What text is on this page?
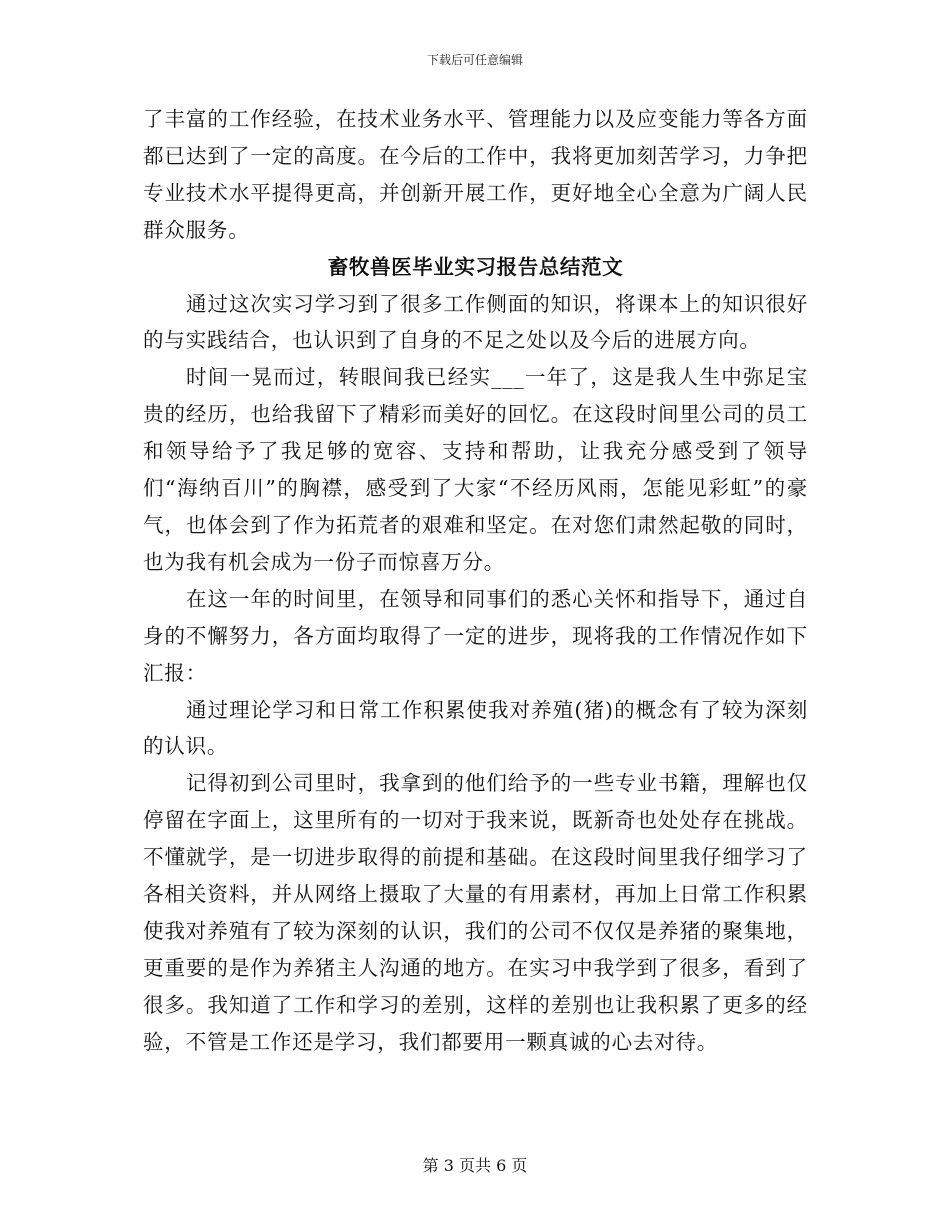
下载后可任意编辑

了丰富的工作经验，在技术业务水平、管理能力以及应变能力等各方面都已达到了一定的高度。在今后的工作中，我将更加刻苦学习，力争把专业技术水平提得更高，并创新开展工作，更好地全心全意为广阔人民群众服务。

畜牧兽医毕业实习报告总结范文

通过这次实习学习到了很多工作侧面的知识，将课本上的知识很好的与实践结合，也认识到了自身的不足之处以及今后的进展方向。

时间一晃而过，转眼间我已经实___一年了，这是我人生中弥足宝贵的经历，也给我留下了精彩而美好的回忆。在这段时间里公司的员工和领导给予了我足够的宽容、支持和帮助，让我充分感受到了领导们“海纳百川”的胸襟，感受到了大家“不经历风雨，怎能见彩虹”的豪气，也体会到了作为拓荒者的艰难和坚定。在对您们肃然起敬的同时，也为我有机会成为一份子而惊喜万分。

在这一年的时间里，在领导和同事们的悉心关怀和指导下，通过自身的不懈努力，各方面均取得了一定的进步，现将我的工作情况作如下汇报：

通过理论学习和日常工作积累使我对养殖(猪)的概念有了较为深刻的认识。

记得初到公司里时，我拿到的他们给予的一些专业书籍，理解也仅停留在字面上，这里所有的一切对于我来说，既新奇也处处存在挑战。不懂就学，是一切进步取得的前提和基础。在这段时间里我仔细学习了各相关资料，并从网络上摄取了大量的有用素材，再加上日常工作积累使我对养殖有了较为深刻的认识，我们的公司不仅仅是养猪的聚集地，更重要的是作为养猪主人沟通的地方。在实习中我学到了很多，看到了很多。我知道了工作和学习的差别，这样的差别也让我积累了更多的经验，不管是工作还是学习，我们都要用一颗真诚的心去对待。

第 3 页共 6 页
